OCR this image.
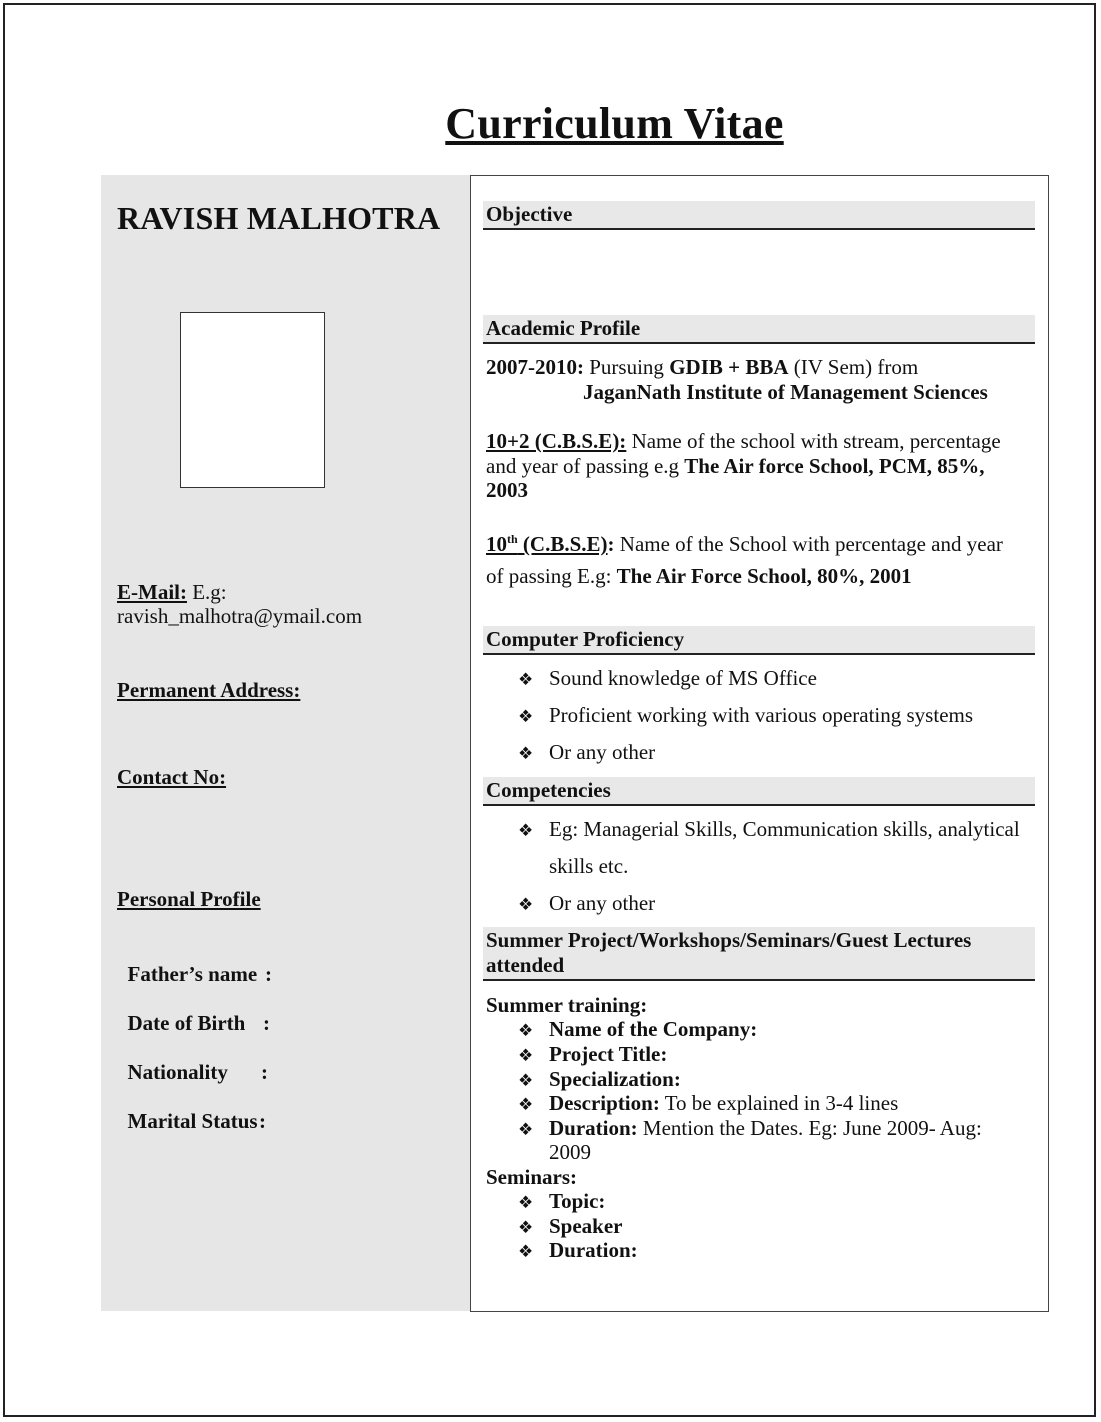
Curriculum Vitae
RAVISH MALHOTRA
E-Mail: E.g:
ravish_malhotra@ymail.com
Permanent Address:
Contact No:
Personal Profile

Father’s name :

Date of Birth :

Nationality :

Marital Status :

Objective
Academic Profile
2007-2010: Pursuing GDIB + BBA (IV Sem) from
JaganNath Institute of Management Sciences
10+2 (C.B.S.E): Name of the school with stream, percentage and year of passing e.g The Air force School, PCM, 85%, 2003
10th (C.B.S.E): Name of the School with percentage and year
of passing E.g: The Air Force School, 80%, 2001
Computer Proficiency
❖ Sound knowledge of MS Office
❖ Proficient working with various operating systems
❖ Or any other
Competencies
❖ Eg: Managerial Skills, Communication skills, analytical
skills etc.
❖ Or any other
Summer Project/Workshops/Seminars/Guest Lectures
attended
Summer training:
❖ Name of the Company:
❖ Project Title:
❖ Specialization:
❖ Description: To be explained in 3-4 lines
❖ Duration: Mention the Dates. Eg: June 2009- Aug:
2009
Seminars:
❖ Topic:
❖ Speaker
❖ Duration:
